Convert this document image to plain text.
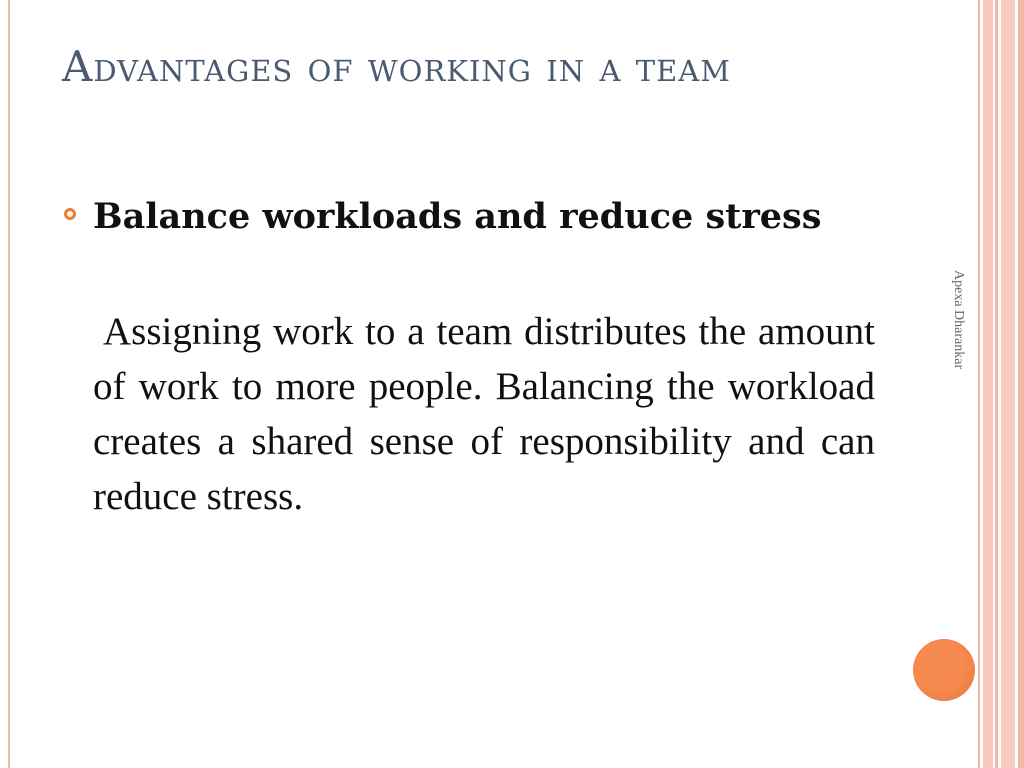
Advantages of working in a team

Balance workloads and reduce stress

Assigning work to a team distributes the amount of work to more people. Balancing the workload creates a shared sense of responsibility and can reduce stress.

Apexa Dharankar
